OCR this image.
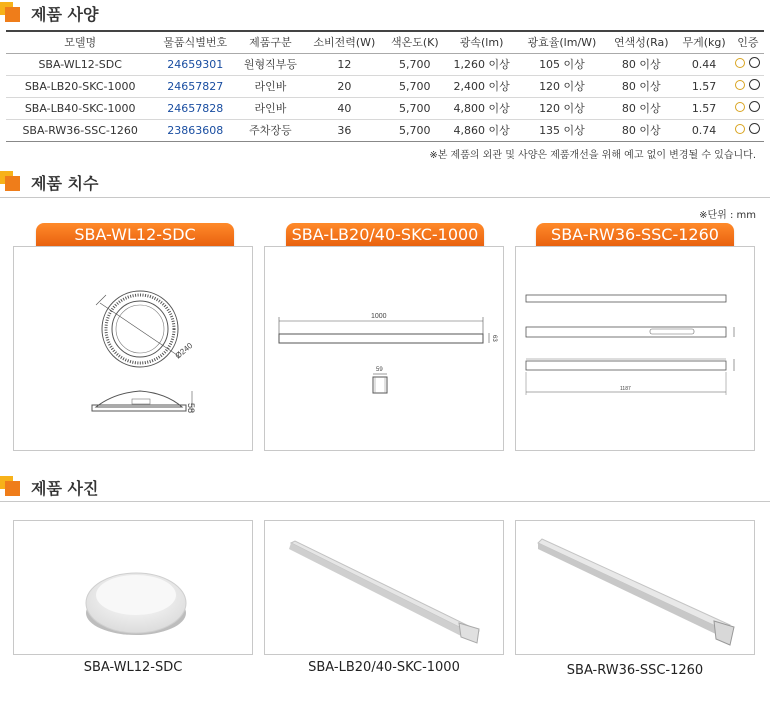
제품 사양
모델명	물품식별번호	제품구분	소비전력(W)	색온도(K)	광속(lm)	광효율(lm/W)	연색성(Ra)	무게(kg)	인증
SBA-WL12-SDC	24659301	원형직부등	12	5,700	1,260 이상	105 이상	80 이상	0.44	

SBA-LB20-SKC-1000	24657827	라인바	20	5,700	2,400 이상	120 이상	80 이상	1.57	

SBA-LB40-SKC-1000	24657828	라인바	40	5,700	4,800 이상	120 이상	80 이상	1.57	

SBA-RW36-SSC-1260	23863608	주차장등	36	5,700	4,860 이상	135 이상	80 이상	0.74	
※본 제품의 외관 및 사양은 제품개선을 위해 예고 없이 변경될 수 있습니다.
제품 치수
※단위 : mm
SBA-WL12-SDC	SBA-LB20/40-SKC-1000	SBA-RW36-SSC-1260
Ø240
58
1000
63
59
1187
제품 사진
SBA-WL12-SDC	SBA-LB20/40-SKC-1000	SBA-RW36-SSC-1260
